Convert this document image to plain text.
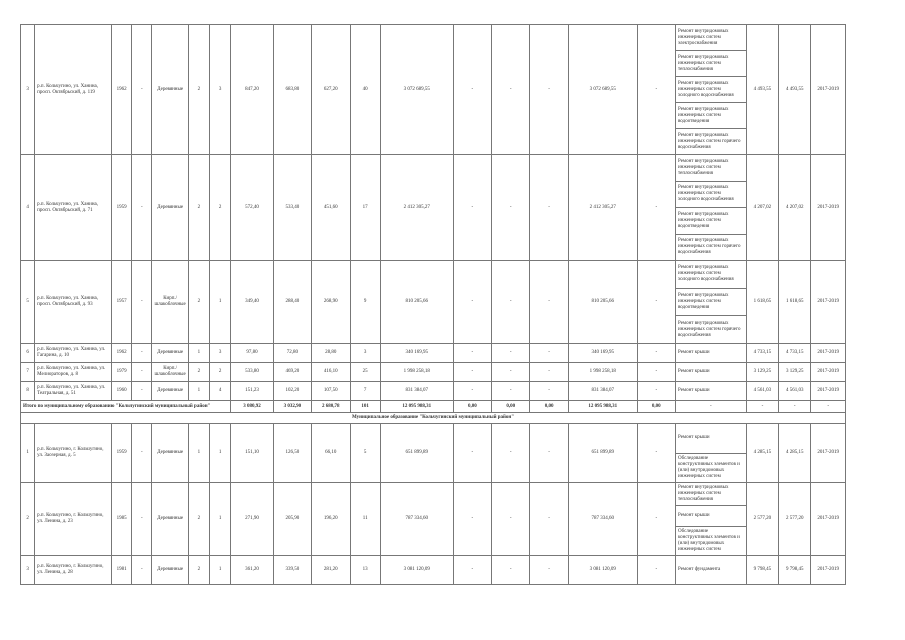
3	р.п. Кольчугино, ул. Ханина, просп. Октябрьский, д. 119	1962	-	Деревянные	2	3	847,20	683,80	627,20	40	3 072 689,55	-	-	-	3 072 689,55	-	Ремонт внутридомовых инженерных систем электроснабжения
Ремонт внутридомовых инженерных систем теплоснабжения
Ремонт внутридомовых инженерных систем холодного водоснабжения
Ремонт внутридомовых инженерных систем водоотведения
Ремонт внутридомовых инженерных систем горячего водоснабжения	4 493,55	4 493,55	2017-2019
4	р.п. Кольчугино, ул. Ханина, просп. Октябрьский, д. 71	1959	-	Деревянные	2	2	572,40	533,40	451,60	17	2 412 305,27	-	-	-	2 412 305,27	-	Ремонт внутридомовых инженерных систем теплоснабжения
Ремонт внутридомовых инженерных систем холодного водоснабжения
Ремонт внутридомовых инженерных систем водоотведения
Ремонт внутридомовых инженерных систем горячего водоснабжения	4 207,02	4 207,02	2017-2019
5	р.п. Кольчугино, ул. Ханина, просп. Октябрьский, д. 93	1957	-	Кирп./ шлакоблочные	2	1	349,40	288,40	268,90	9	810 205,66	-	-	-	810 205,66	-	Ремонт внутридомовых инженерных систем холодного водоснабжения
Ремонт внутридомовых инженерных систем водоотведения
Ремонт внутридомовых инженерных систем горячего водоснабжения	1 618,65	1 618,65	2017-2019
6	р.п. Кольчугино, ул. Ханина, ул. Гагарина, д. 10	1962	-	Деревянные	1	3	97,80	72,80	28,80	3	340 169,95	-	-	-	340 169,95	-	Ремонт крыши	4 733,15	4 733,15	2017-2019
7	р.п. Кольчугино, ул. Ханина, ул. Мелиораторов, д. 8	1979	-	Кирп./ шлакоблочные	2	2	533,80	469,20	416,10	25	1 998 258,18	-	-	-	1 998 258,18	-	Ремонт крыши	3 129,25	3 129,25	2017-2019
8	р.п. Кольчугино, ул. Ханина, ул. Театральная, д. 51	1960	-	Деревянные	1	4	151,23	102,20	107,50	7	831 384,07	-	-	-	831 384,07	-	Ремонт крыши	4 561,03	4 561,03	2017-2019
Итого по муниципальному образованию "Кольчугинский муниципальный район"							3 080,92	3 032,90	2 680,78	101	12 095 988,31	0,00	0,00	0,00	12 095 988,31	0,00	-	-	-	-
Муниципальное образование "Кольчугинский муниципальный район"																				
1	р.п. Кольчугино, г. Кольчугино, ул. Заозерная, д. 5	1959	-	Деревянные	1	1	151,10	126,50	66,10	5	651 899,89	-	-	-	651 899,89	-	Ремонт крыши
Обследование конструктивных элементов и (или) внутридомовых инженерных систем	4 285,15	4 285,15	2017-2019
2	р.п. Кольчугино, г. Кольчугино, ул. Ленина, д. 23	1985	-	Деревянные	2	1	271,90	205,90	196,20	11	787 334,60	-	-	-	787 334,60	-	Ремонт внутридомовых инженерных систем теплоснабжения
Ремонт крыши
Обследование конструктивных элементов и (или) внутридомовых инженерных систем	2 577,20	2 577,20	2017-2019
3	р.п. Кольчугино, г. Кольчугино, ул. Ленина, д. 28	1981	-	Деревянные	2	1	361,20	339,50	281,20	13	3 081 120,09	-	-	-	3 081 120,09	-	Ремонт фундамента	9 798,45	9 798,45	2017-2019
